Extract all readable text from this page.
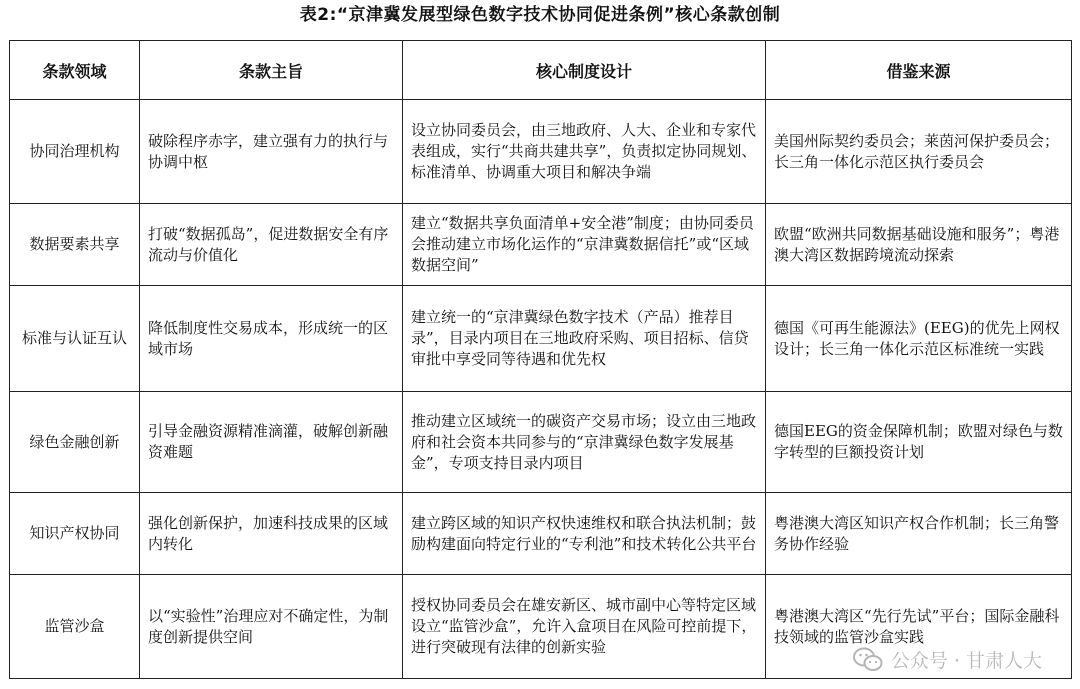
表2:“京津冀发展型绿色数字技术协同促进条例”核心条款创制
条款领域	条款主旨	核心制度设计	借鉴来源
协同治理机构	破除程序赤字，建立强有力的执行与协调中枢	设立协同委员会，由三地政府、人大、企业和专家代表组成，实行“共商共建共享”，负责拟定协同规划、标准清单、协调重大项目和解决争端	美国州际契约委员会；莱茵河保护委员会；长三角一体化示范区执行委员会
数据要素共享	打破“数据孤岛”，促进数据安全有序流动与价值化	建立“数据共享负面清单+安全港”制度；由协同委员会推动建立市场化运作的“京津冀数据信托”或“区域数据空间”	欧盟“欧洲共同数据基础设施和服务”；粤港澳大湾区数据跨境流动探索
标准与认证互认	降低制度性交易成本，形成统一的区域市场	建立统一的“京津冀绿色数字技术（产品）推荐目录”，目录内项目在三地政府采购、项目招标、信贷审批中享受同等待遇和优先权	德国《可再生能源法》(EEG)的优先上网权设计；长三角一体化示范区标准统一实践
绿色金融创新	引导金融资源精准滴灌，破解创新融资难题	推动建立区域统一的碳资产交易市场；设立由三地政府和社会资本共同参与的“京津冀绿色数字发展基金”，专项支持目录内项目	德国EEG的资金保障机制；欧盟对绿色与数字转型的巨额投资计划
知识产权协同	强化创新保护，加速科技成果的区域内转化	建立跨区域的知识产权快速维权和联合执法机制；鼓励构建面向特定行业的“专利池”和技术转化公共平台	粤港澳大湾区知识产权合作机制；长三角警务协作经验
监管沙盒	以“实验性”治理应对不确定性，为制度创新提供空间	授权协同委员会在雄安新区、城市副中心等特定区域设立“监管沙盒”，允许入盒项目在风险可控前提下，进行突破现有法律的创新实验	粤港澳大湾区“先行先试”平台；国际金融科技领域的监管沙盒实践
公众号 · 甘肃人大
